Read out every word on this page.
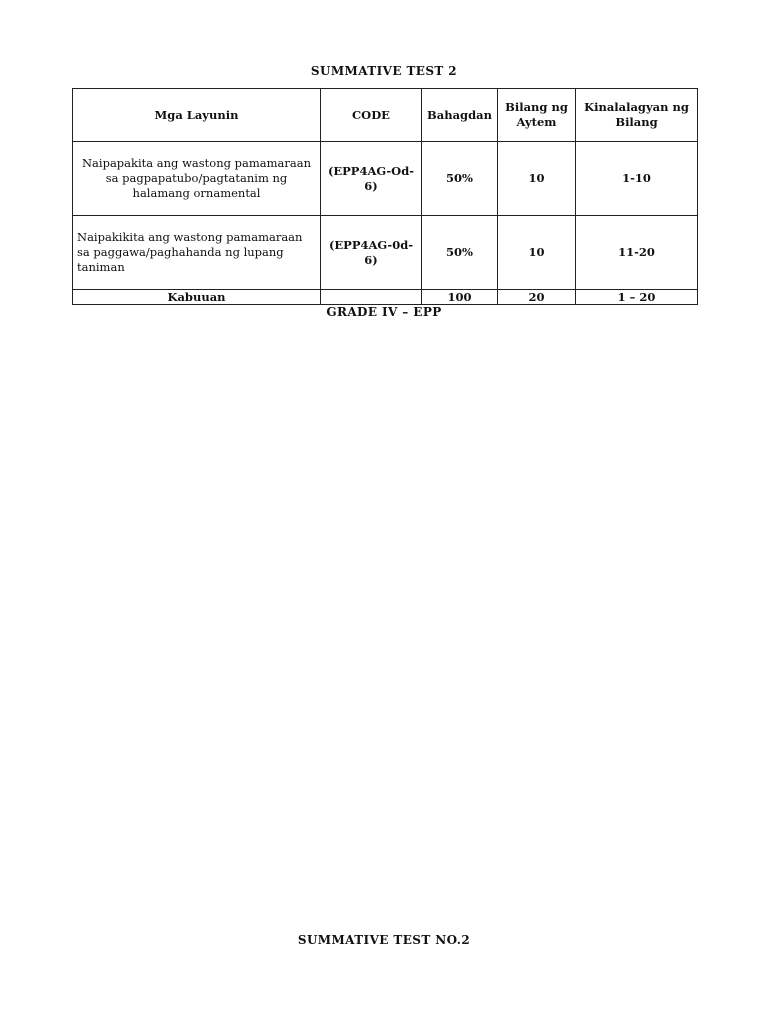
SUMMATIVE TEST 2
Mga Layunin	CODE	Bahagdan	Bilang ng Aytem	Kinalalagyan ng Bilang
Naipapakita ang wastong pamamaraan sa pagpapatubo/pagtatanim ng halamang ornamental	(EPP4AG-Od-6)	50%	10	1-10
Naipakikita ang wastong pamamaraan sa paggawa/paghahanda ng lupang taniman	(EPP4AG-0d-6)	50%	10	11-20
Kabuuan		100	20	1 – 20
GRADE IV – EPP
SUMMATIVE TEST NO.2
